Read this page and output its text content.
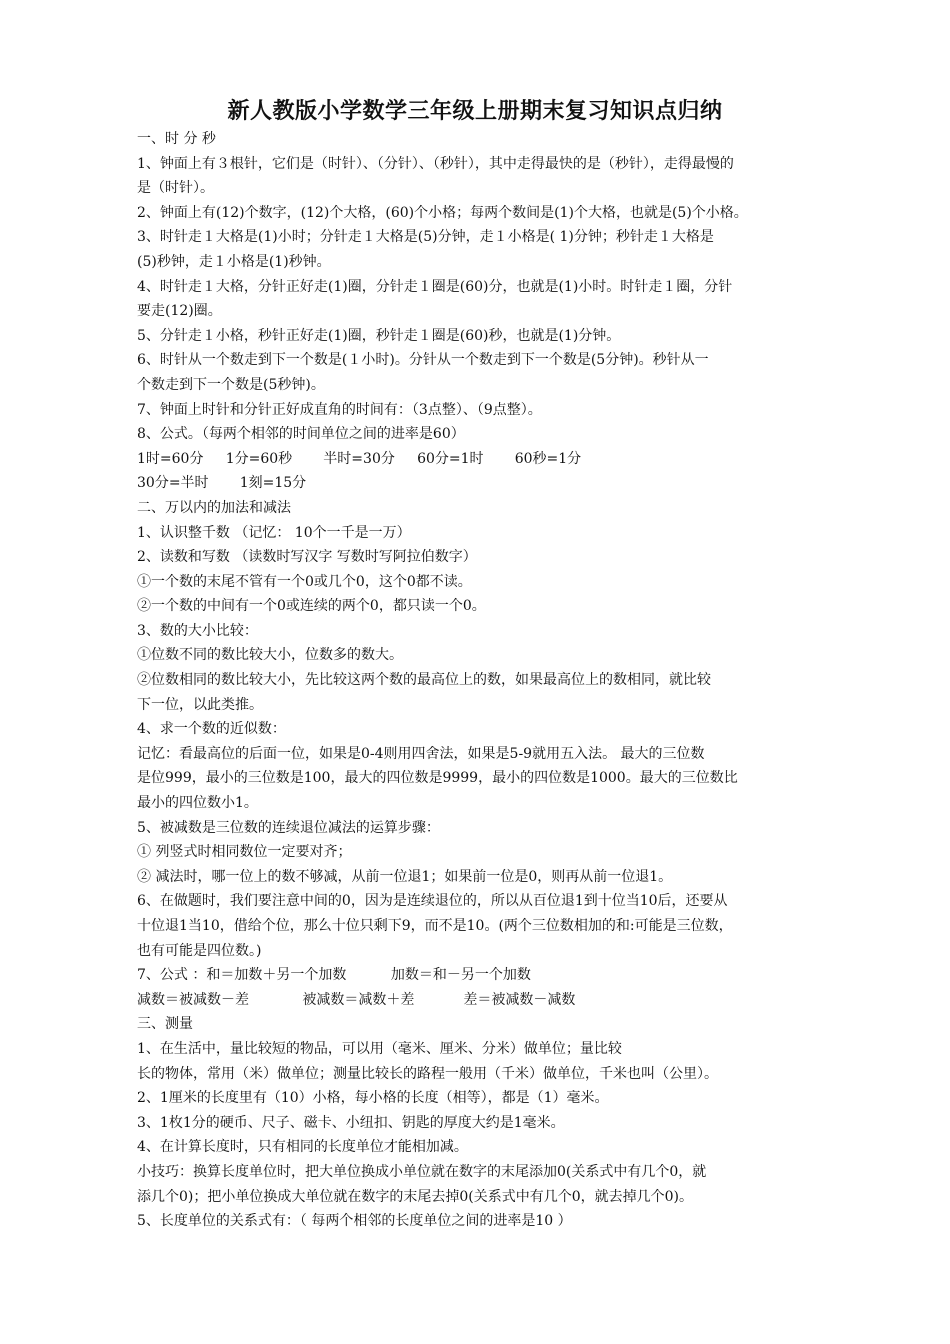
新人教版小学数学三年级上册期末复习知识点归纳
一、时 分 秒
1、钟面上有３根针，它们是（时针）、（分针）、（秒针），其中走得最快的是（秒针），走得最慢的
是（时针）。
2、钟面上有(12)个数字，(12)个大格，(60)个小格；每两个数间是(1)个大格，也就是(5)个小格。
3、时针走１大格是(1)小时；分针走１大格是(5)分钟，走１小格是( 1)分钟；秒针走１大格是
(5)秒钟，走１小格是(1)秒钟。
4、时针走１大格，分针正好走(1)圈，分针走１圈是(60)分，也就是(1)小时。时针走１圈，分针
要走(12)圈。
5、分针走１小格，秒针正好走(1)圈，秒针走１圈是(60)秒，也就是(1)分钟。
6、时针从一个数走到下一个数是(１小时)。分针从一个数走到下一个数是(5分钟)。秒针从一
个数走到下一个数是(5秒钟)。
7、钟面上时针和分针正好成直角的时间有：（3点整）、（9点整）。
8、公式。（每两个相邻的时间单位之间的进率是60）
1时=60分     1分=60秒       半时=30分     60分=1时       60秒=1分
30分=半时       1刻=15分
二、万以内的加法和减法
1、认识整千数 （记忆： 10个一千是一万）
2、读数和写数 （读数时写汉字 写数时写阿拉伯数字）
①一个数的末尾不管有一个0或几个0，这个0都不读。
②一个数的中间有一个0或连续的两个0，都只读一个0。
3、数的大小比较：
①位数不同的数比较大小，位数多的数大。
②位数相同的数比较大小，先比较这两个数的最高位上的数，如果最高位上的数相同，就比较
下一位，以此类推。
4、求一个数的近似数：
记忆：看最高位的后面一位，如果是0-4则用四舍法，如果是5-9就用五入法。 最大的三位数
是位999，最小的三位数是100，最大的四位数是9999，最小的四位数是1000。最大的三位数比
最小的四位数小1。
5、被减数是三位数的连续退位减法的运算步骤：
① 列竖式时相同数位一定要对齐；
② 减法时，哪一位上的数不够减，从前一位退1；如果前一位是0，则再从前一位退1。
6、在做题时，我们要注意中间的0，因为是连续退位的，所以从百位退1到十位当10后，还要从
十位退1当10，借给个位，那么十位只剩下9，而不是10。(两个三位数相加的和:可能是三位数，
也有可能是四位数。)
7、公式 ：和＝加数＋另一个加数          加数＝和－另一个加数
减数＝被减数－差            被减数＝减数＋差           差＝被减数－减数
三、测量
1、在生活中，量比较短的物品，可以用（毫米、厘米、分米）做单位；量比较
长的物体，常用（米）做单位；测量比较长的路程一般用（千米）做单位，千米也叫（公里）。
2、1厘米的长度里有（10）小格，每小格的长度（相等），都是（1）毫米。
3、1枚1分的硬币、尺子、磁卡、小纽扣、钥匙的厚度大约是1毫米。
4、在计算长度时，只有相同的长度单位才能相加减。
小技巧：换算长度单位时，把大单位换成小单位就在数字的末尾添加0(关系式中有几个0，就
添几个0)；把小单位换成大单位就在数字的末尾去掉0(关系式中有几个0，就去掉几个0)。
5、长度单位的关系式有：（ 每两个相邻的长度单位之间的进率是10 ）
